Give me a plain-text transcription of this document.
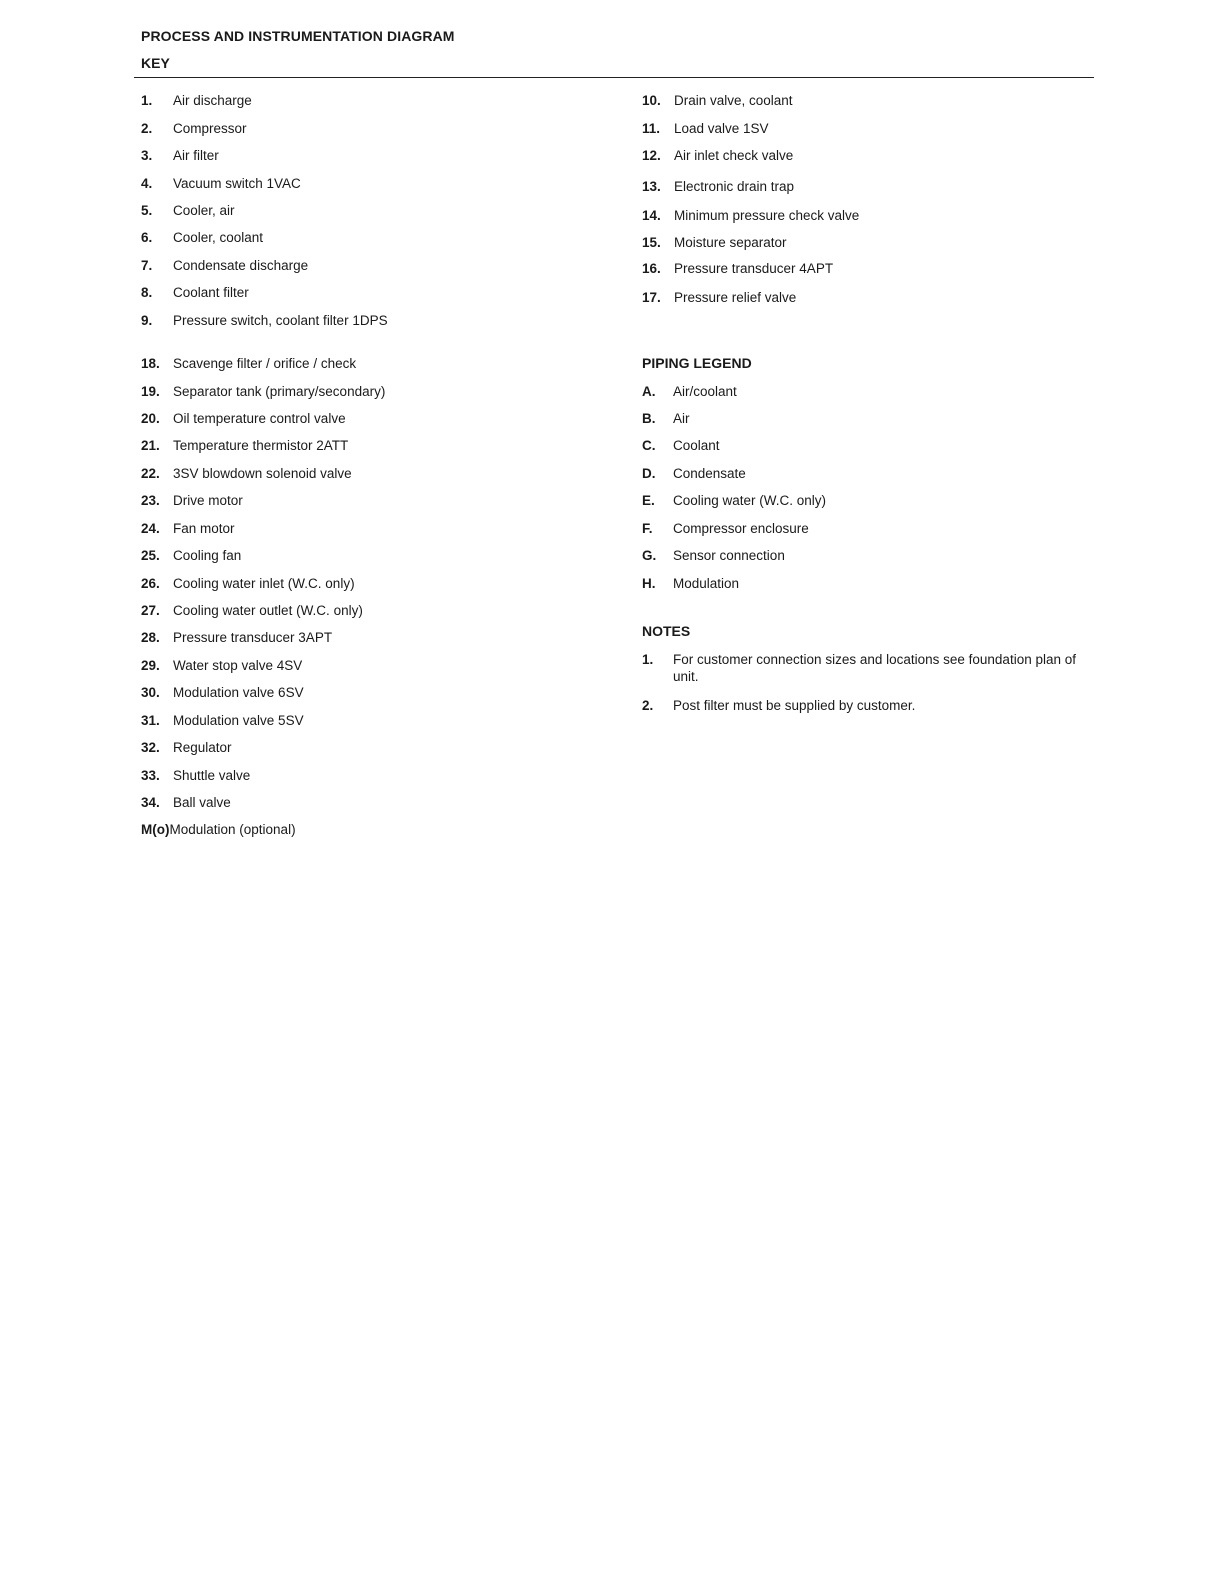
PROCESS AND INSTRUMENTATION DIAGRAM
KEY
1. Air discharge
2. Compressor
3. Air filter
4. Vacuum switch 1VAC
5. Cooler, air
6. Cooler, coolant
7. Condensate discharge
8. Coolant filter
9. Pressure switch, coolant filter 1DPS
10. Drain valve, coolant
11. Load valve 1SV
12. Air inlet check valve
13. Electronic drain trap
14. Minimum pressure check valve
15. Moisture separator
16. Pressure transducer 4APT
17. Pressure relief valve
18. Scavenge filter / orifice / check
19. Separator tank (primary/secondary)
20. Oil temperature control valve
21. Temperature thermistor 2ATT
22. 3SV blowdown solenoid valve
23. Drive motor
24. Fan motor
25. Cooling fan
26. Cooling water inlet (W.C. only)
27. Cooling water outlet (W.C. only)
28. Pressure transducer 3APT
29. Water stop valve 4SV
30. Modulation valve 6SV
31. Modulation valve 5SV
32. Regulator
33. Shuttle valve
34. Ball valve
M(o)Modulation (optional)
PIPING LEGEND
A. Air/coolant
B. Air
C. Coolant
D. Condensate
E. Cooling water (W.C. only)
F. Compressor enclosure
G. Sensor connection
H. Modulation
NOTES
1. For customer connection sizes and locations see foundation plan of unit.
2. Post filter must be supplied by customer.
